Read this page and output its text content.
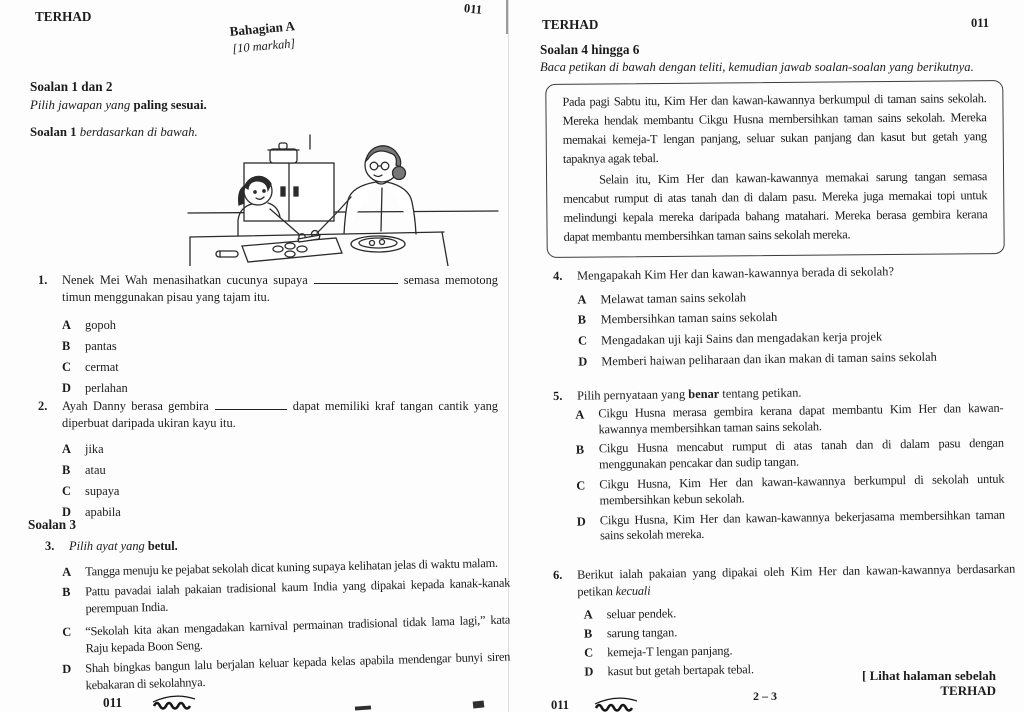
TERHAD	011
Bahagian A
[10 markah]
Soalan 1 dan 2
Pilih jawapan yang paling sesuai.
Soalan 1 berdasarkan di bawah.
1.	Nenek Mei Wah menasihatkan cucunya supaya	semasa memotong timun menggunakan pisau yang tajam itu.
A	gopoh
B	pantas
C	cermat
D	perlahan
2.	Ayah Danny berasa gembira	dapat memiliki kraf tangan cantik yang diperbuat daripada ukiran kayu itu.
A	jika
B	atau
C	supaya
D	apabila
Soalan 3
3.	Pilih ayat yang betul.
A	Tangga menuju ke pejabat sekolah dicat kuning supaya kelihatan jelas di waktu malam.
B	Pattu pavadai ialah pakaian tradisional kaum India yang dipakai kepada kanak-kanak perempuan India.
C	“Sekolah kita akan mengadakan karnival permainan tradisional tidak lama lagi,” kata Raju kepada Boon Seng.
D	Shah bingkas bangun lalu berjalan keluar kepada kelas apabila mendengar bunyi siren kebakaran di sekolahnya.
011
TERHAD	011
Soalan 4 hingga 6
Baca petikan di bawah dengan teliti, kemudian jawab soalan-soalan yang berikutnya.

Pada pagi Sabtu itu, Kim Her dan kawan-kawannya berkumpul di taman sains sekolah. Mereka hendak membantu Cikgu Husna membersihkan taman sains sekolah. Mereka memakai kemeja-T lengan panjang, seluar sukan panjang dan kasut but getah yang tapaknya agak tebal.

Selain itu, Kim Her dan kawan-kawannya memakai sarung tangan semasa mencabut rumput di atas tanah dan di dalam pasu. Mereka juga memakai topi untuk melindungi kepala mereka daripada bahang matahari. Mereka berasa gembira kerana dapat membantu membersihkan taman sains sekolah mereka.

4.	Mengapakah Kim Her dan kawan-kawannya berada di sekolah?
A	Melawat taman sains sekolah
B	Membersihkan taman sains sekolah
C	Mengadakan uji kaji Sains dan mengadakan kerja projek
D	Memberi haiwan peliharaan dan ikan makan di taman sains sekolah
5.	Pilih pernyataan yang benar tentang petikan.
A	Cikgu Husna merasa gembira kerana dapat membantu Kim Her dan kawan-kawannya membersihkan taman sains sekolah.
B	Cikgu Husna mencabut rumput di atas tanah dan di dalam pasu dengan menggunakan pencakar dan sudip tangan.
C	Cikgu Husna, Kim Her dan kawan-kawannya berkumpul di sekolah untuk membersihkan kebun sekolah.
D	Cikgu Husna, Kim Her dan kawan-kawannya bekerjasama membersihkan taman sains sekolah mereka.
6.	Berikut ialah pakaian yang dipakai oleh Kim Her dan kawan-kawannya berdasarkan petikan kecuali
A	seluar pendek.
B	sarung tangan.
C	kemeja-T lengan panjang.
D	kasut but getah bertapak tebal.	[ Lihat halaman sebelah
TERHAD
2 – 3
011
